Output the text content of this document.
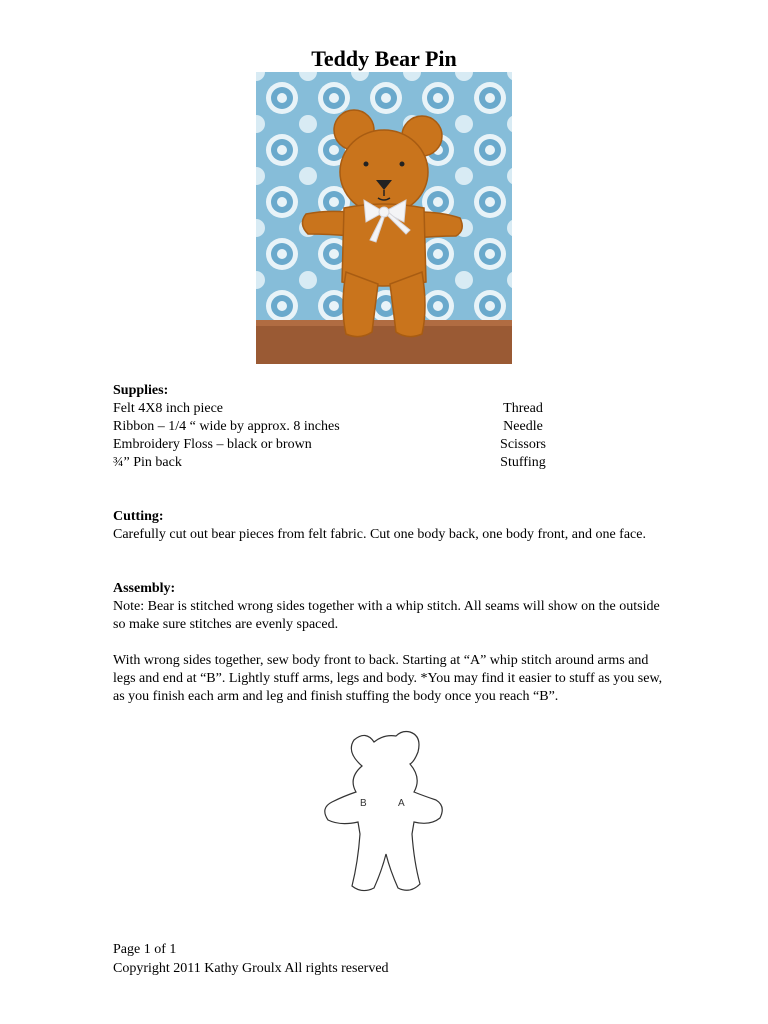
Teddy Bear Pin

Supplies:

Felt 4X8 inch piece	Thread
Ribbon – 1/4 “ wide by approx. 8 inches	Needle
Embroidery Floss – black or brown	Scissors
¾” Pin back	Stuffing

Cutting:

Carefully cut out bear pieces from felt fabric. Cut one body back, one body front, and one face.

Assembly:

Note: Bear is stitched wrong sides together with a whip stitch. All seams will show on the outside so make sure stitches are evenly spaced.

With wrong sides together, sew body front to back. Starting at “A” whip stitch around arms and legs and end at “B”. Lightly stuff arms, legs and body. *You may find it easier to stuff as you sew, as you finish each arm and leg and finish stuffing the body once you reach “B”.

B	A
Page 1 of 1
Copyright 2011 Kathy Groulx All rights reserved
